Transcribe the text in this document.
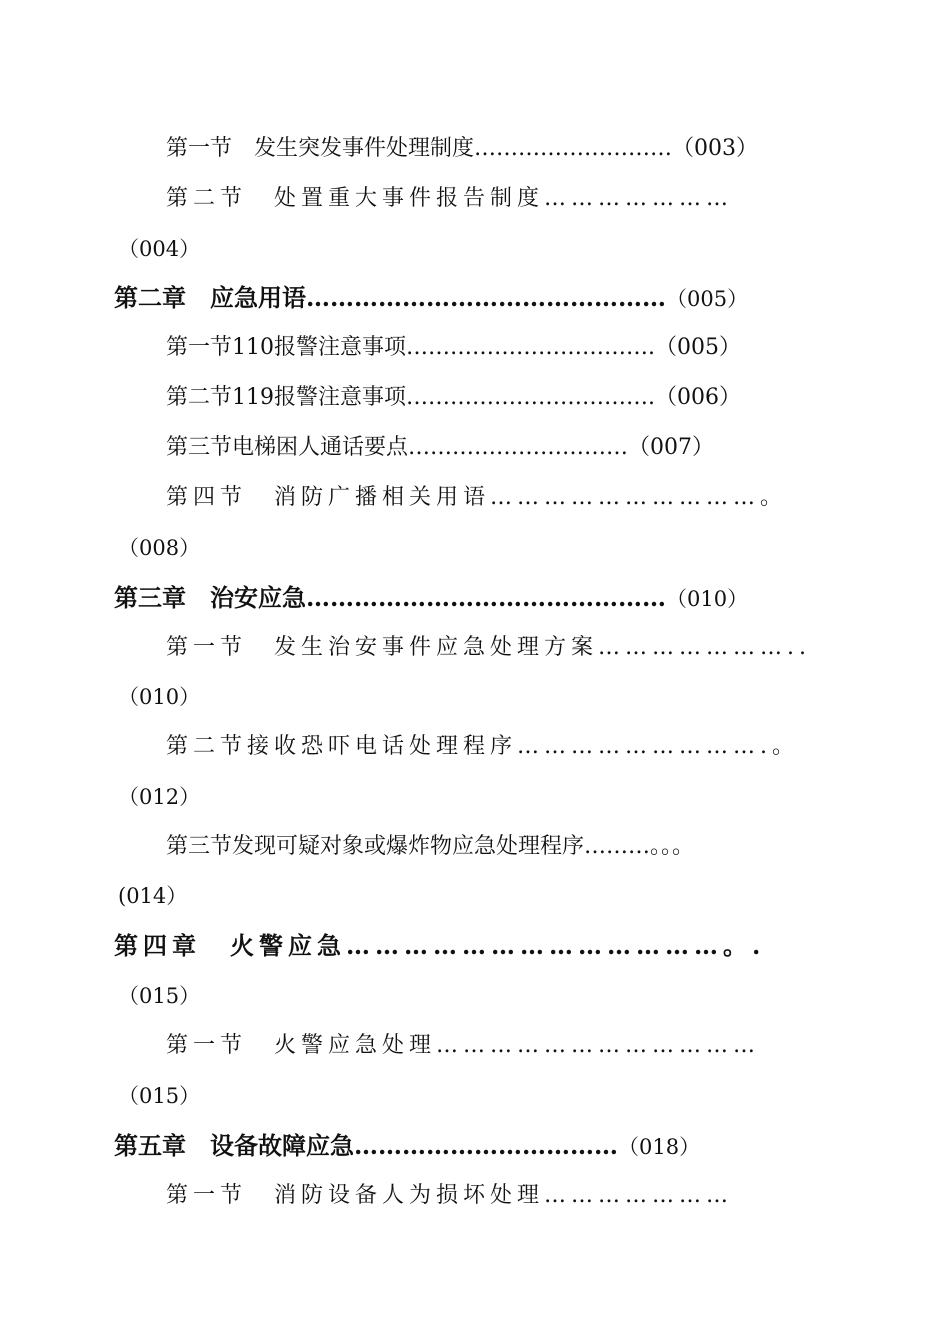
第一节　发生突发事件处理制度………………………（003）
第二节　处置重大事件报告制度…………………
（004）
第二章　应急用语………………………………………（005）
第一节110报警注意事项…………………………….（005）
第二节119报警注意事项…………………………….（006）
第三节电梯困人通话要点…………………………（007）
第四节　消防广播相关用语…………………………。
（008）
第三章　治安应急………………………………………（010）
第一节　发生治安事件应急处理方案…………………..
（010）
第二节接收恐吓电话处理程序……………………….。
（012）
第三节发现可疑对象或爆炸物应急处理程序………。。。
(014）
第四章　火警应急…………………………………。.
（015）
第一节　火警应急处理………………………………
（015）
第五章　设备故障应急……………………………（018）
第一节　消防设备人为损坏处理…………………
